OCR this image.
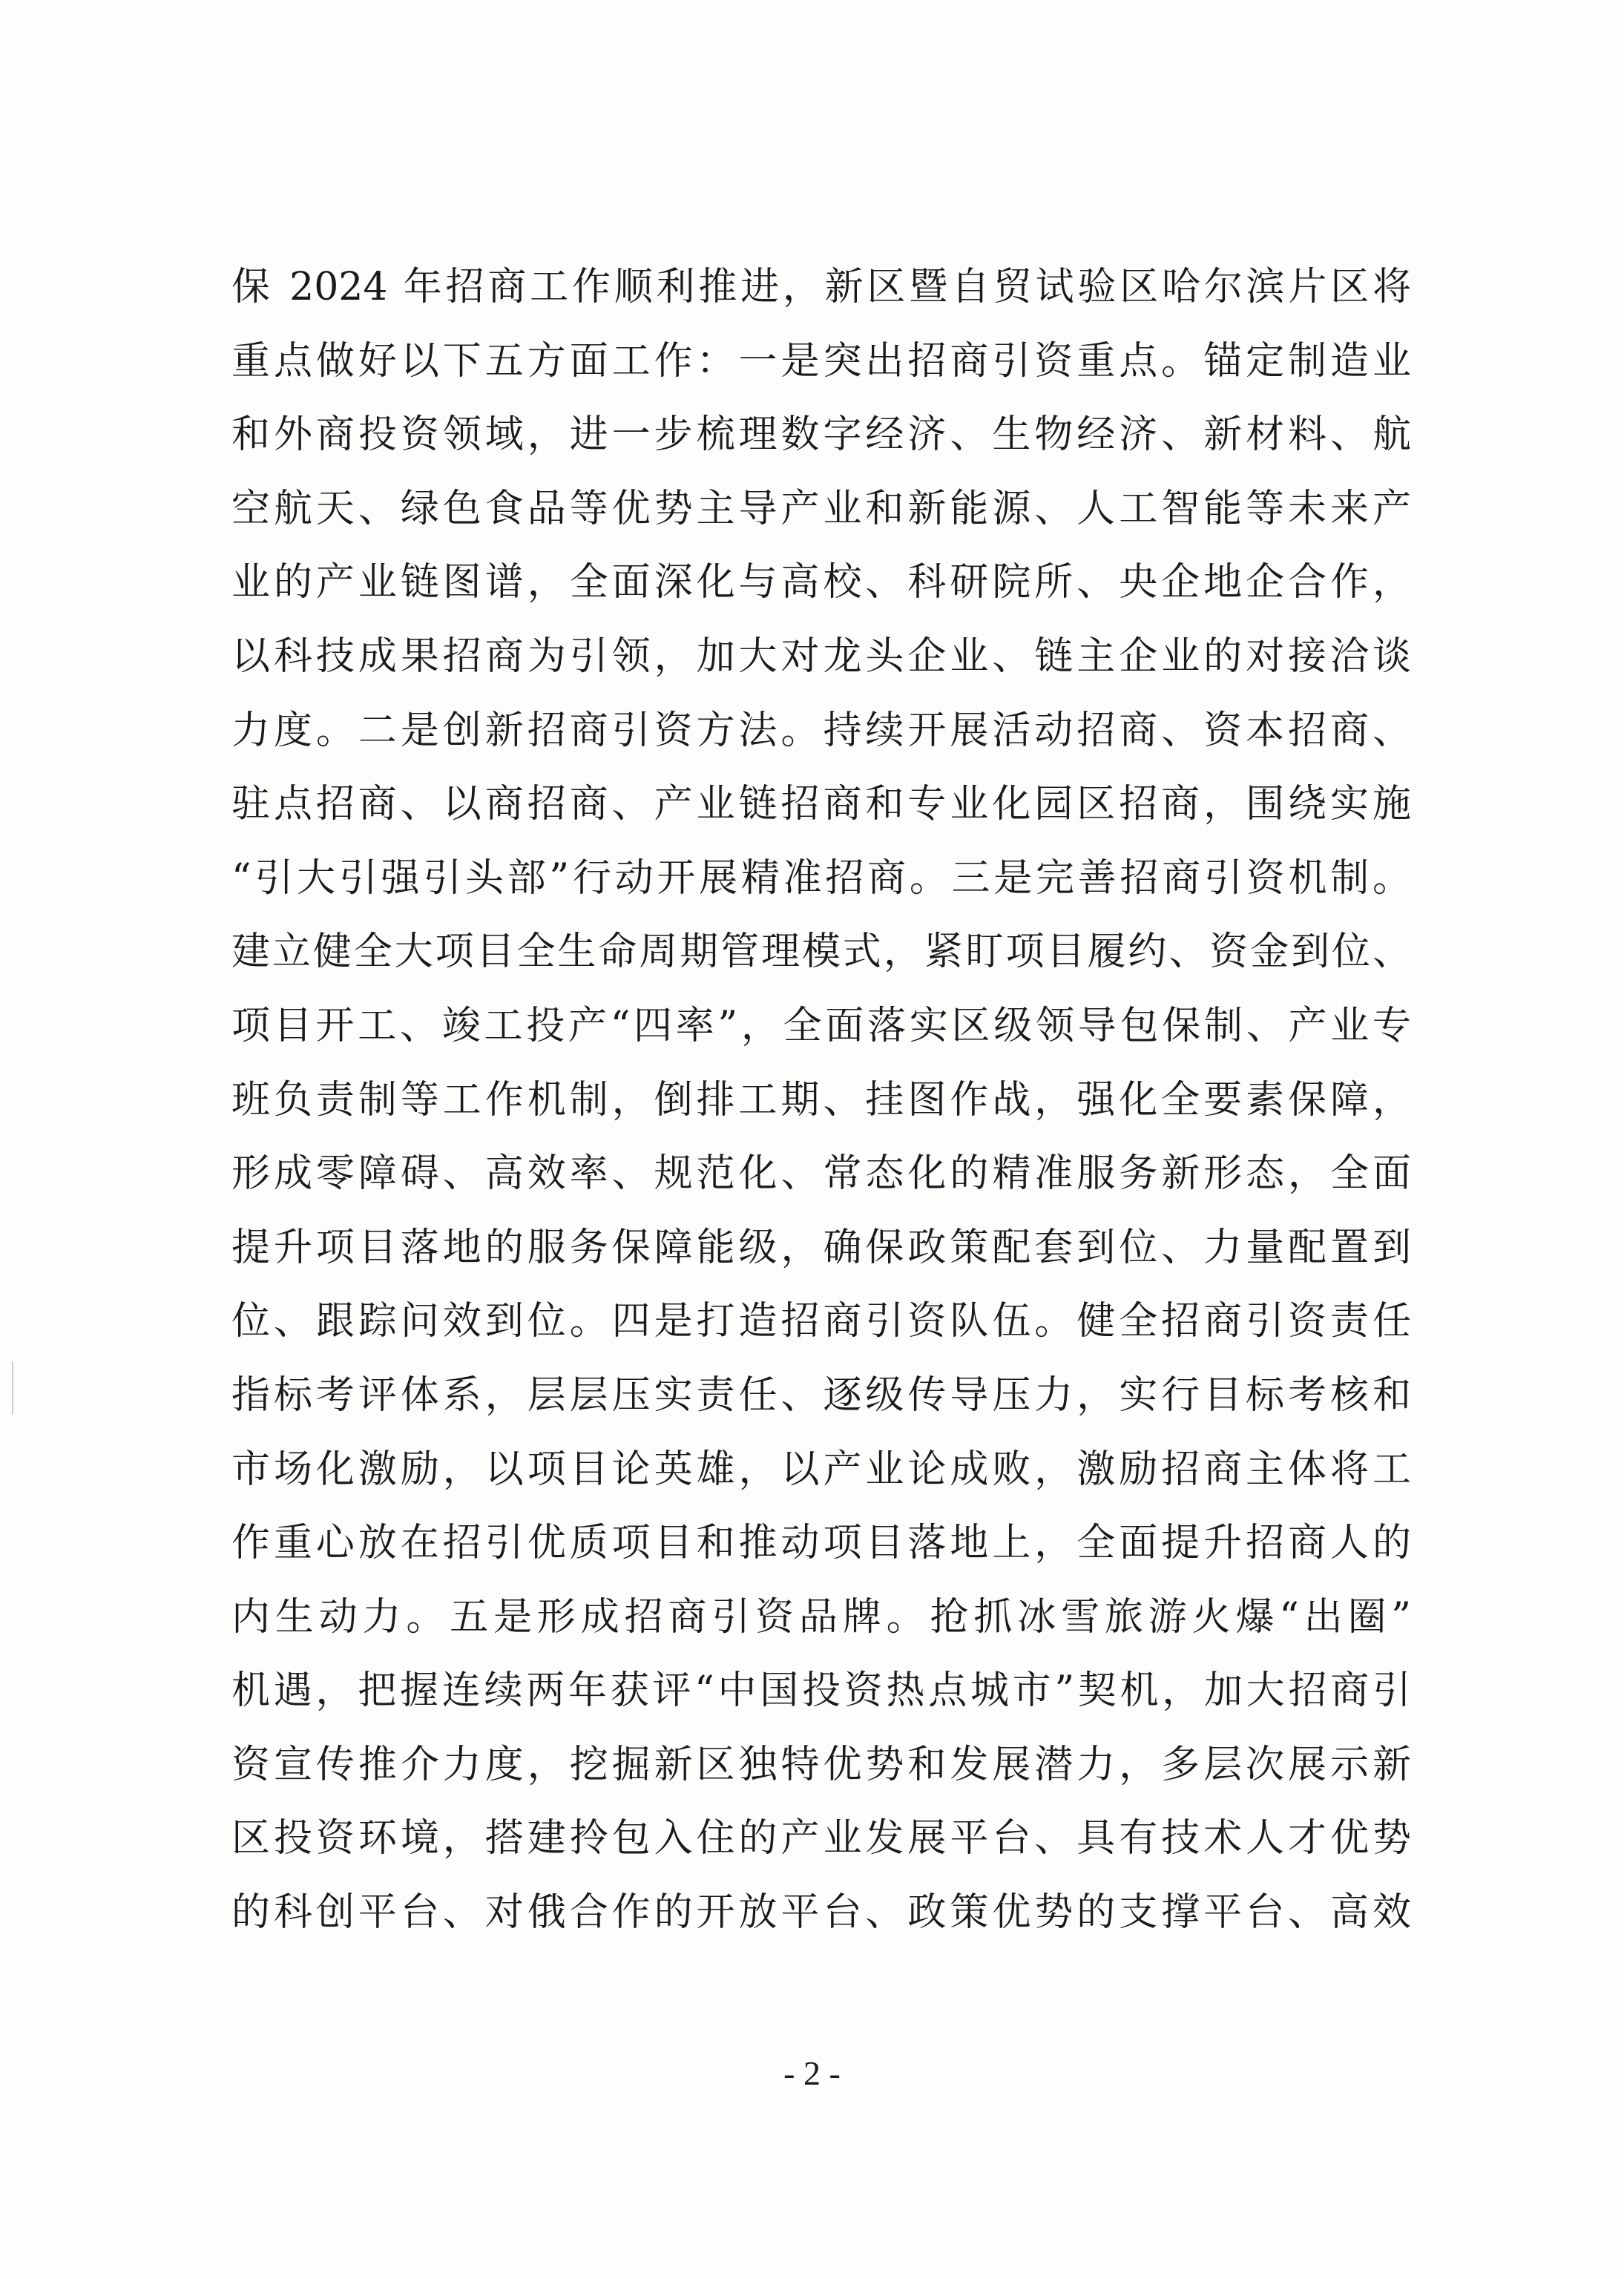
保 2024 年招商工作顺利推进，新区暨自贸试验区哈尔滨片区将
重点做好以下五方面工作：一是突出招商引资重点。锚定制造业
和外商投资领域，进一步梳理数字经济、生物经济、新材料、航
空航天、绿色食品等优势主导产业和新能源、人工智能等未来产
业的产业链图谱，全面深化与高校、科研院所、央企地企合作，
以科技成果招商为引领，加大对龙头企业、链主企业的对接洽谈
力度。二是创新招商引资方法。持续开展活动招商、资本招商、
驻点招商、以商招商、产业链招商和专业化园区招商，围绕实施
“引大引强引头部”行动开展精准招商。三是完善招商引资机制。
建立健全大项目全生命周期管理模式，紧盯项目履约、资金到位、
项目开工、竣工投产“四率”，全面落实区级领导包保制、产业专
班负责制等工作机制，倒排工期、挂图作战，强化全要素保障，
形成零障碍、高效率、规范化、常态化的精准服务新形态，全面
提升项目落地的服务保障能级，确保政策配套到位、力量配置到
位、跟踪问效到位。四是打造招商引资队伍。健全招商引资责任
指标考评体系，层层压实责任、逐级传导压力，实行目标考核和
市场化激励，以项目论英雄，以产业论成败，激励招商主体将工
作重心放在招引优质项目和推动项目落地上，全面提升招商人的
内生动力。五是形成招商引资品牌。抢抓冰雪旅游火爆“出圈”
机遇，把握连续两年获评“中国投资热点城市”契机，加大招商引
资宣传推介力度，挖掘新区独特优势和发展潜力，多层次展示新
区投资环境，搭建拎包入住的产业发展平台、具有技术人才优势
的科创平台、对俄合作的开放平台、政策优势的支撑平台、高效
- 2 -
